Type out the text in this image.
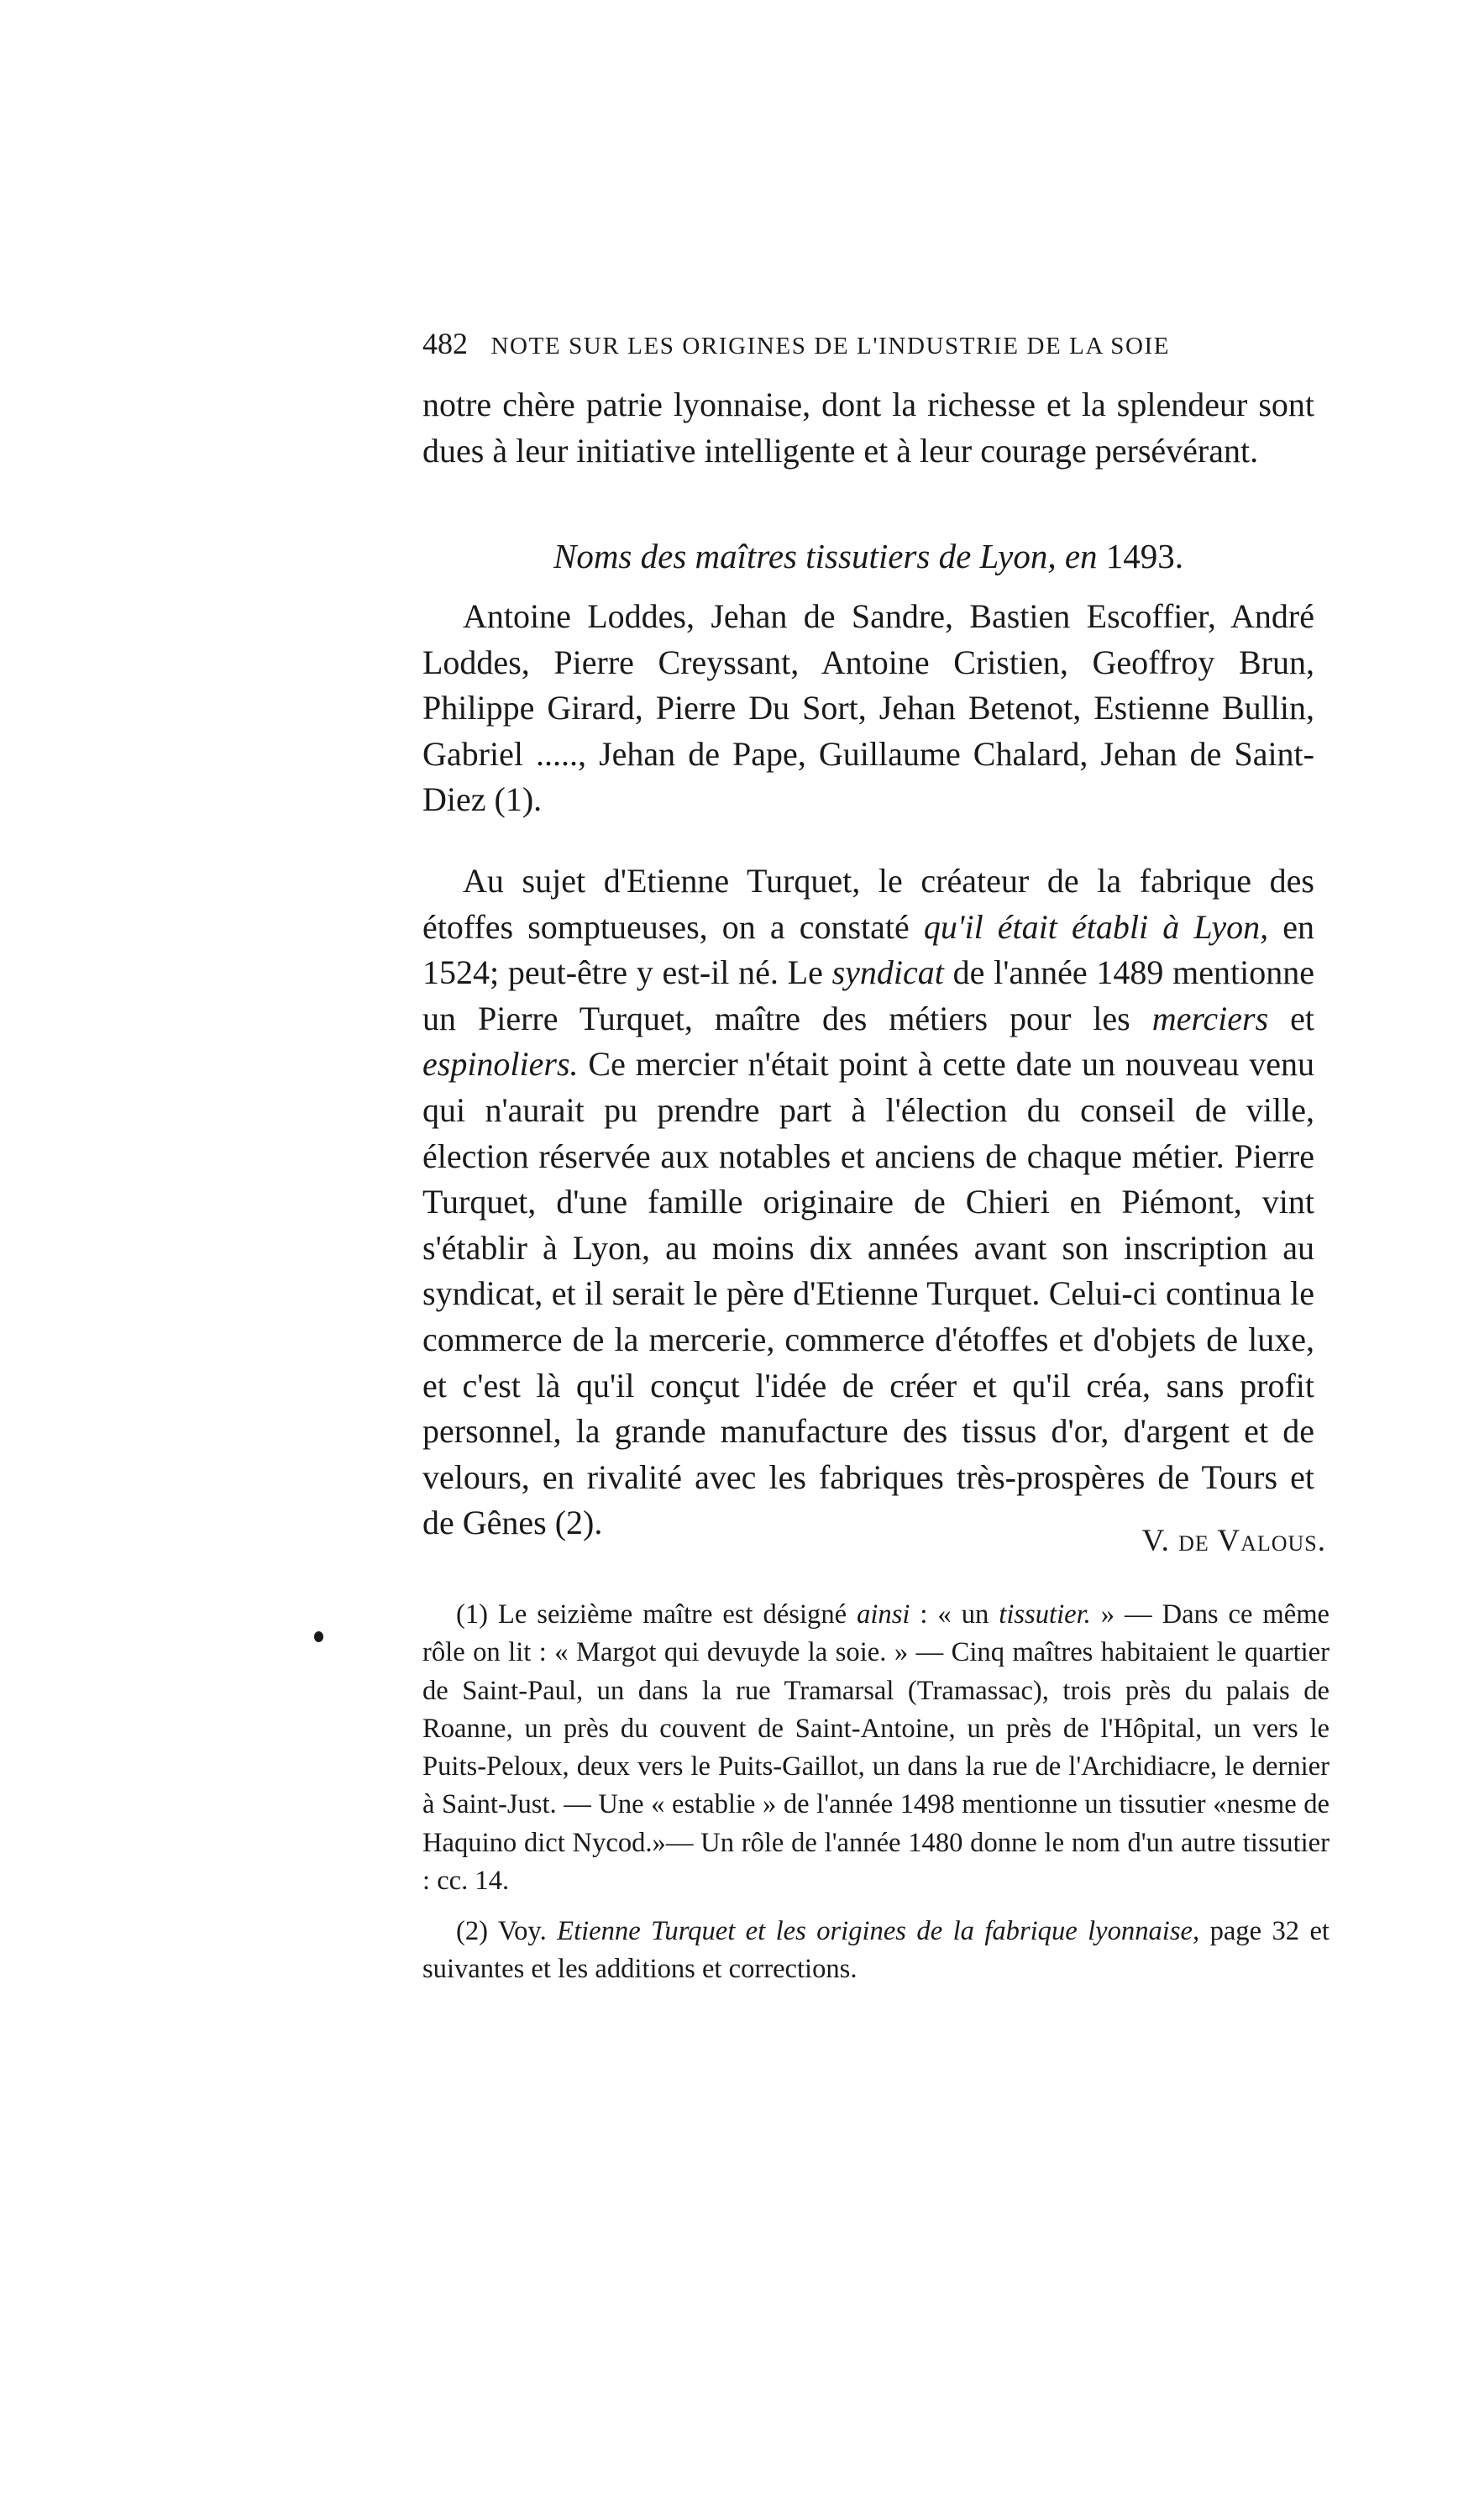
482 NOTE SUR LES ORIGINES DE L'INDUSTRIE DE LA SOIE

notre chère patrie lyonnaise, dont la richesse et la splendeur sont dues à leur initiative intelligente et à leur courage persévérant.

Noms des maîtres tissutiers de Lyon, en 1493.

Antoine Loddes, Jehan de Sandre, Bastien Escoffier, André Loddes, Pierre Creyssant, Antoine Cristien, Geoffroy Brun, Philippe Girard, Pierre Du Sort, Jehan Betenot, Estienne Bullin, Gabriel ....., Jehan de Pape, Guillaume Chalard, Jehan de Saint-Diez (1).

Au sujet d'Etienne Turquet, le créateur de la fabrique des étoffes somptueuses, on a constaté qu'il était établi à Lyon, en 1524; peut-être y est-il né. Le syndicat de l'année 1489 mentionne un Pierre Turquet, maître des métiers pour les merciers et espinoliers. Ce mercier n'était point à cette date un nouveau venu qui n'aurait pu prendre part à l'élection du conseil de ville, élection réservée aux notables et anciens de chaque métier. Pierre Turquet, d'une famille originaire de Chieri en Piémont, vint s'établir à Lyon, au moins dix années avant son inscription au syndicat, et il serait le père d'Etienne Turquet. Celui-ci continua le commerce de la mercerie, commerce d'étoffes et d'objets de luxe, et c'est là qu'il conçut l'idée de créer et qu'il créa, sans profit personnel, la grande manufacture des tissus d'or, d'argent et de velours, en rivalité avec les fabriques très-prospères de Tours et de Gênes (2).	V. de Valous.

(1) Le seizième maître est désigné ainsi : « un tissutier. » — Dans ce même rôle on lit : « Margot qui devuyde la soie. » — Cinq maîtres habitaient le quartier de Saint-Paul, un dans la rue Tramarsal (Tramassac), trois près du palais de Roanne, un près du couvent de Saint-Antoine, un près de l'Hôpital, un vers le Puits-Peloux, deux vers le Puits-Gaillot, un dans la rue de l'Archidiacre, le dernier à Saint-Just. — Une « establie » de l'année 1498 mentionne un tissutier «nesme de Haquino dict Nycod.»— Un rôle de l'année 1480 donne le nom d'un autre tissutier : cc. 14.

(2) Voy. Etienne Turquet et les origines de la fabrique lyonnaise, page 32 et suivantes et les additions et corrections.
